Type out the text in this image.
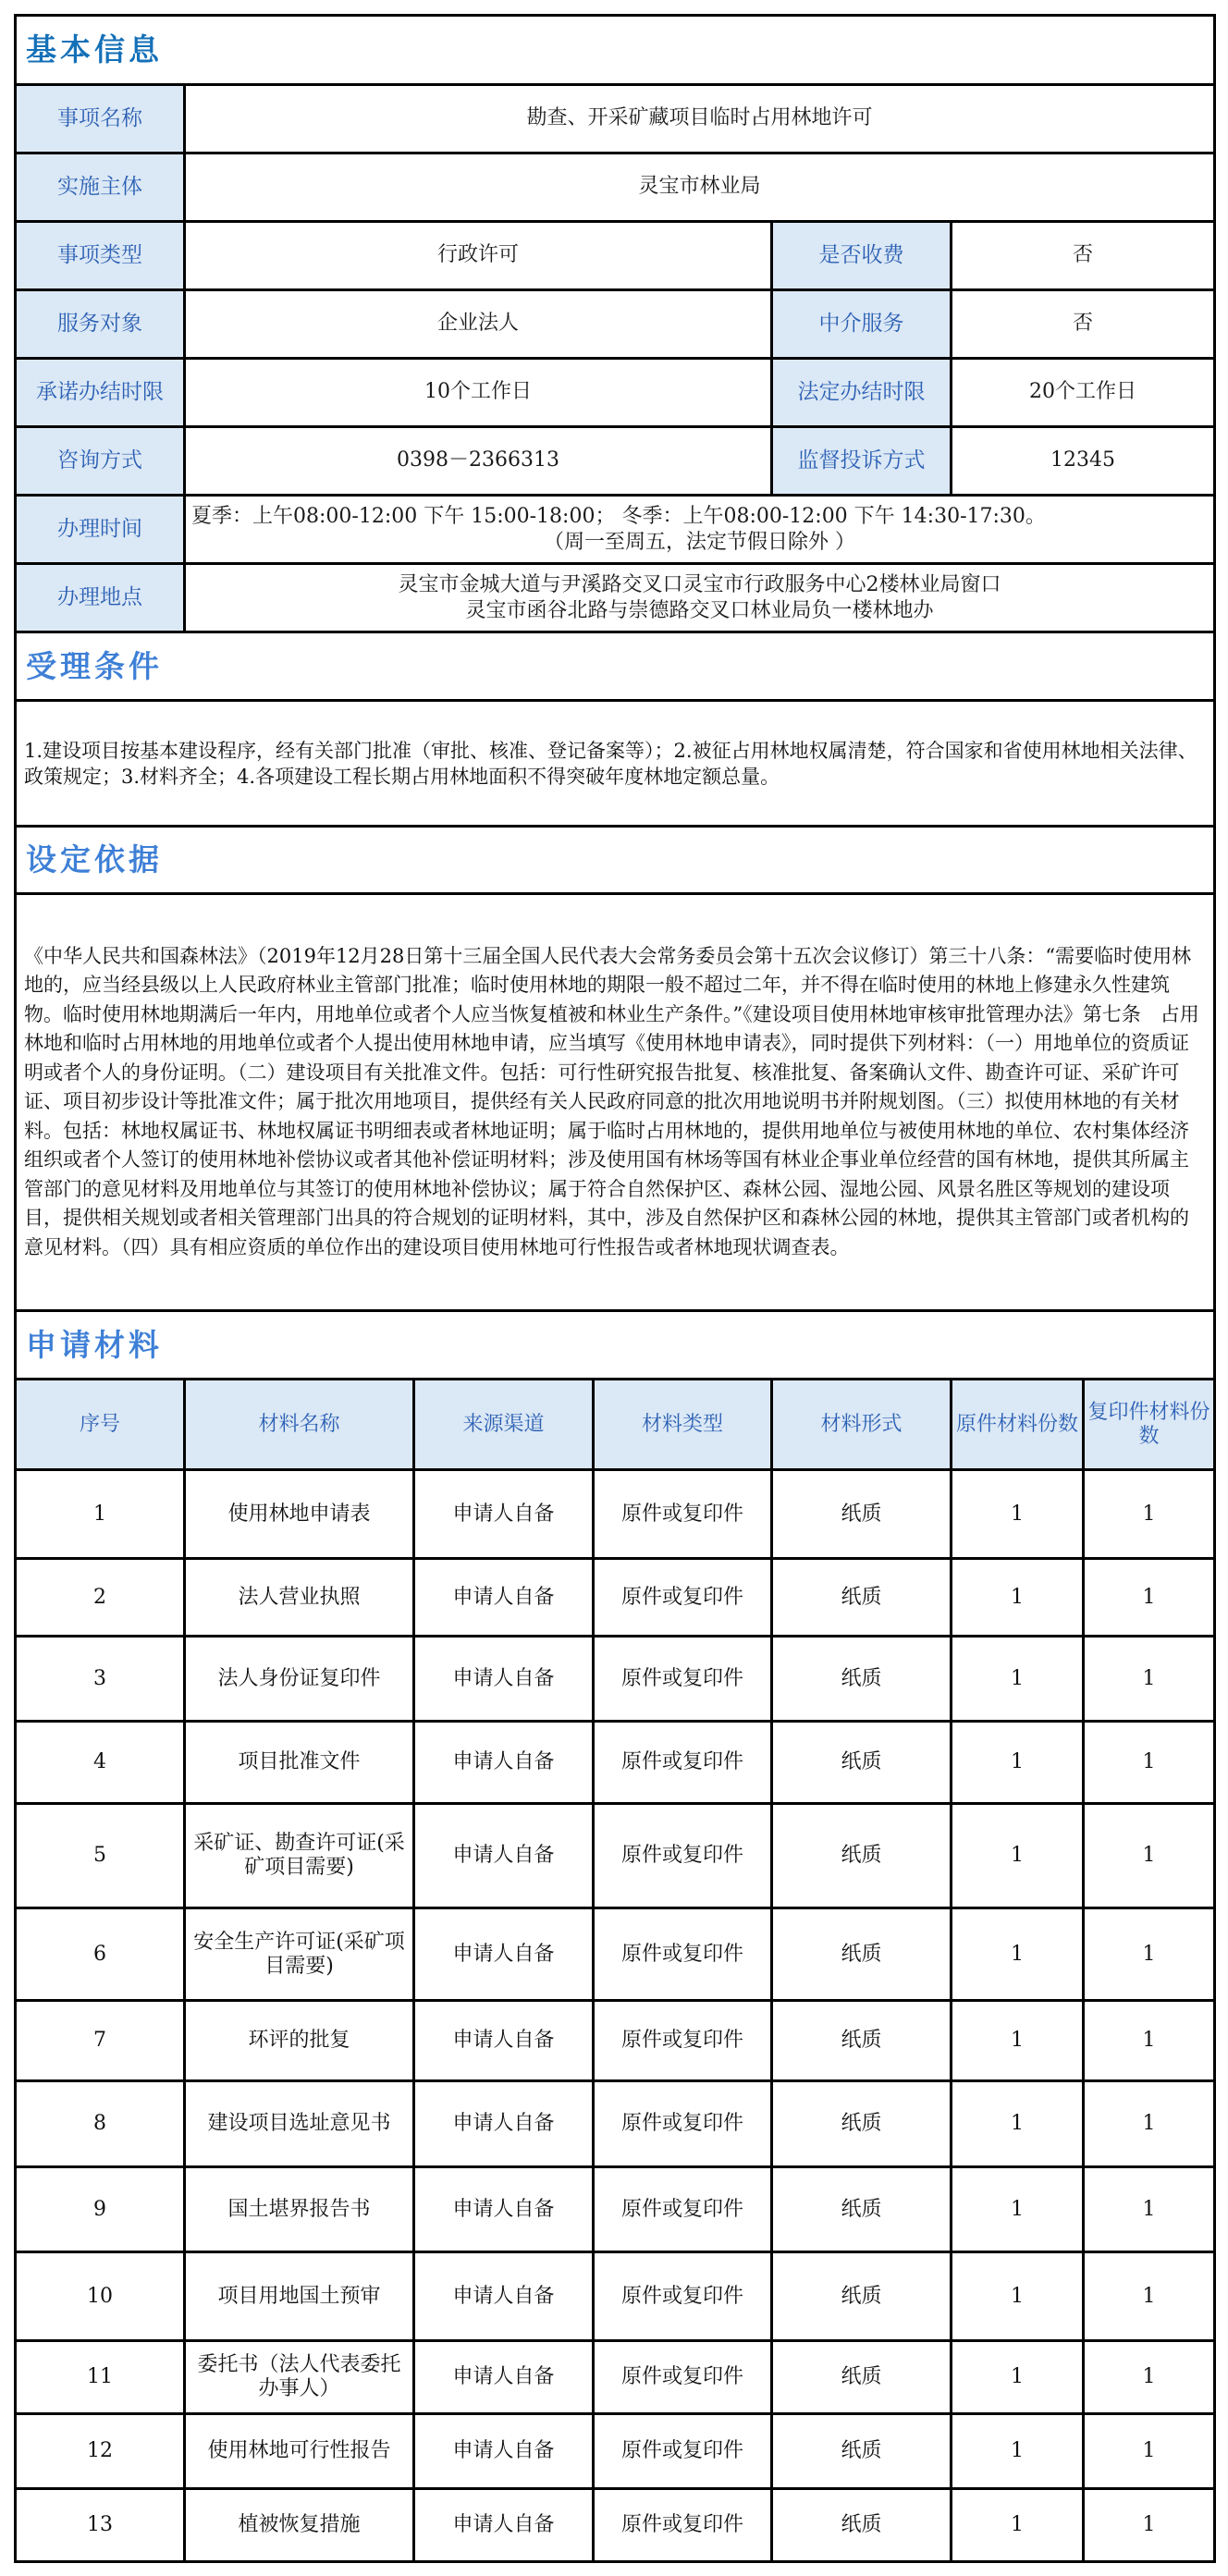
基本信息			
事项名称	勘查、开采矿藏项目临时占用林地许可		
实施主体	灵宝市林业局		
事项类型	行政许可	是否收费	否
服务对象	企业法人	中介服务	否
承诺办结时限	10个工作日	法定办结时限	20个工作日
咨询方式	0398－2366313	监督投诉方式	12345
办理时间	夏季：上午08:00-12:00 下午 15:00-18:00； 冬季：上午08:00-12:00 下午 14:30-17:30。
（周一至周五，法定节假日除外 ）		

办理地点	灵宝市金城大道与尹溪路交叉口灵宝市行政服务中心2楼林业局窗口
灵宝市函谷北路与崇德路交叉口林业局负一楼林地办		

受理条件			
1.建设项目按基本建设程序，经有关部门批准（审批、核准、登记备案等）；2.被征占用林地权属清楚，符合国家和省使用林地相关法律、政策规定；3.材料齐全；4.各项建设工程长期占用林地面积不得突破年度林地定额总量。			
设定依据			
《中华人民共和国森林法》（2019年12月28日第十三届全国人民代表大会常务委员会第十五次会议修订）第三十八条：“需要临时使用林地的，应当经县级以上人民政府林业主管部门批准；临时使用林地的期限一般不超过二年，并不得在临时使用的林地上修建永久性建筑物。临时使用林地期满后一年内，用地单位或者个人应当恢复植被和林业生产条件。”《建设项目使用林地审核审批管理办法》第七条　占用林地和临时占用林地的用地单位或者个人提出使用林地申请，应当填写《使用林地申请表》，同时提供下列材料：（一）用地单位的资质证明或者个人的身份证明。（二）建设项目有关批准文件。包括：可行性研究报告批复、核准批复、备案确认文件、勘查许可证、采矿许可证、项目初步设计等批准文件；属于批次用地项目，提供经有关人民政府同意的批次用地说明书并附规划图。（三）拟使用林地的有关材料。包括：林地权属证书、林地权属证书明细表或者林地证明；属于临时占用林地的，提供用地单位与被使用林地的单位、农村集体经济组织或者个人签订的使用林地补偿协议或者其他补偿证明材料；涉及使用国有林场等国有林业企事业单位经营的国有林地，提供其所属主管部门的意见材料及用地单位与其签订的使用林地补偿协议；属于符合自然保护区、森林公园、湿地公园、风景名胜区等规划的建设项目，提供相关规划或者相关管理部门出具的符合规划的证明材料，其中，涉及自然保护区和森林公园的林地，提供其主管部门或者机构的意见材料。（四）具有相应资质的单位作出的建设项目使用林地可行性报告或者林地现状调查表。			
申请材料						
序号	材料名称	来源渠道	材料类型	材料形式	原件材料份数	复印件材料份数
1	使用林地申请表	申请人自备	原件或复印件	纸质	1	1
2	法人营业执照	申请人自备	原件或复印件	纸质	1	1
3	法人身份证复印件	申请人自备	原件或复印件	纸质	1	1
4	项目批准文件	申请人自备	原件或复印件	纸质	1	1
5	采矿证、勘查许可证(采矿项目需要)	申请人自备	原件或复印件	纸质	1	1
6	安全生产许可证(采矿项目需要)	申请人自备	原件或复印件	纸质	1	1
7	环评的批复	申请人自备	原件或复印件	纸质	1	1
8	建设项目选址意见书	申请人自备	原件或复印件	纸质	1	1
9	国土堪界报告书	申请人自备	原件或复印件	纸质	1	1
10	项目用地国土预审	申请人自备	原件或复印件	纸质	1	1
11	委托书（法人代表委托办事人）	申请人自备	原件或复印件	纸质	1	1
12	使用林地可行性报告	申请人自备	原件或复印件	纸质	1	1
13	植被恢复措施	申请人自备	原件或复印件	纸质	1	1
